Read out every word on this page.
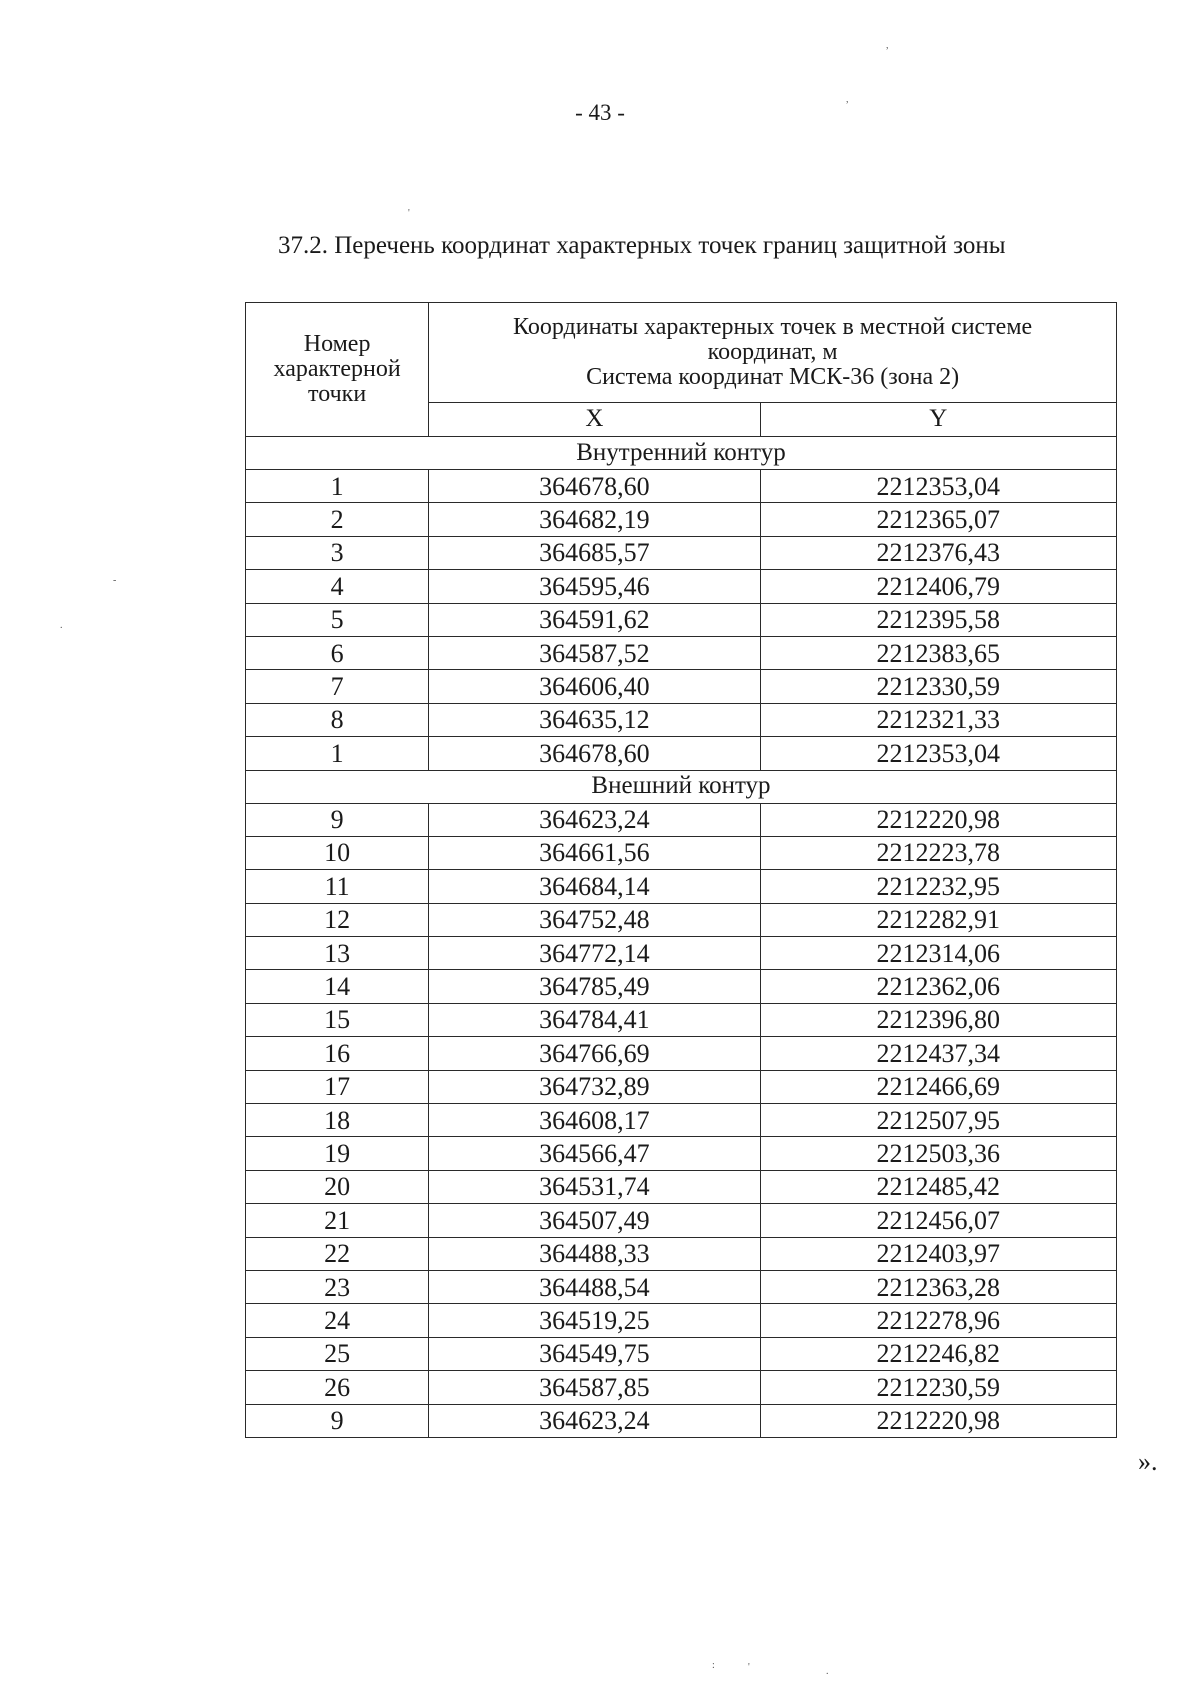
- 43 -
37.2. Перечень координат характерных точек границ защитной зоны
Номер характерной точки	Координаты характерных точек в местной системе
координат, м
Система координат МСК-36 (зона 2)	

	X	Y
Внутренний контур		
1	364678,60	2212353,04
2	364682,19	2212365,07
3	364685,57	2212376,43
4	364595,46	2212406,79
5	364591,62	2212395,58
6	364587,52	2212383,65
7	364606,40	2212330,59
8	364635,12	2212321,33
1	364678,60	2212353,04
Внешний контур		
9	364623,24	2212220,98
10	364661,56	2212223,78
11	364684,14	2212232,95
12	364752,48	2212282,91
13	364772,14	2212314,06
14	364785,49	2212362,06
15	364784,41	2212396,80
16	364766,69	2212437,34
17	364732,89	2212466,69
18	364608,17	2212507,95
19	364566,47	2212503,36
20	364531,74	2212485,42
21	364507,49	2212456,07
22	364488,33	2212403,97
23	364488,54	2212363,28
24	364519,25	2212278,96
25	364549,75	2212246,82
26	364587,85	2212230,59
9	364623,24	2212220,98
».
,
,
'
-
.
:	'	.
